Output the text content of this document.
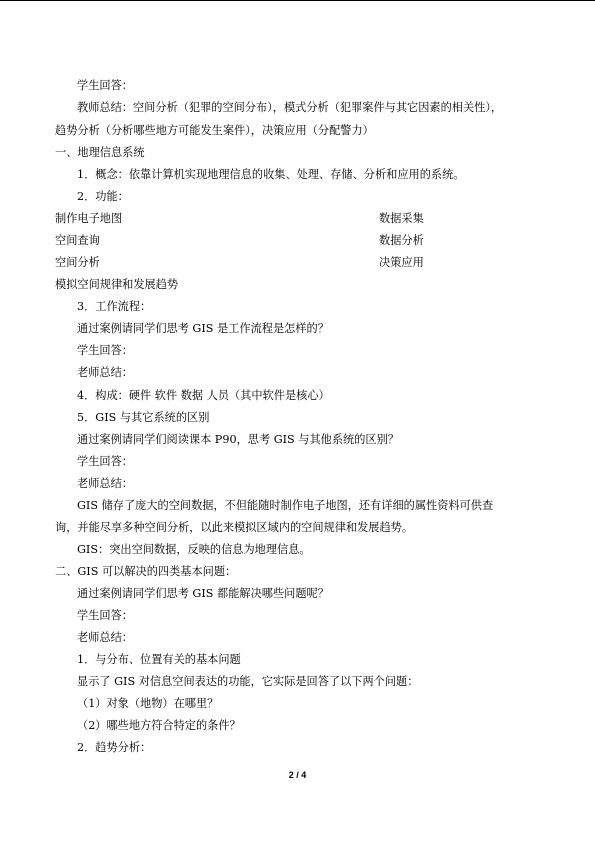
学生回答：
教师总结：空间分析（犯罪的空间分布），模式分析（犯罪案件与其它因素的相关性），
趋势分析（分析哪些地方可能发生案件），决策应用（分配警力）
一、地理信息系统
1．概念：依靠计算机实现地理信息的收集、处理、存储、分析和应用的系统。
2．功能：
制作电子地图	数据采集
空间查询	数据分析
空间分析	决策应用
模拟空间规律和发展趋势
3．工作流程：
通过案例请同学们思考 GIS 是工作流程是怎样的？
学生回答：
老师总结：
4．构成：硬件 软件 数据 人员（其中软件是核心）
5．GIS 与其它系统的区别
通过案例请同学们阅读课本 P90，思考 GIS 与其他系统的区别？
学生回答：
老师总结：
GIS 储存了庞大的空间数据，不但能随时制作电子地图，还有详细的属性资料可供查
询，并能尽享多种空间分析，以此来模拟区域内的空间规律和发展趋势。
GIS：突出空间数据，反映的信息为地理信息。
二、GIS 可以解决的四类基本问题：
通过案例请同学们思考 GIS 都能解决哪些问题呢？
学生回答：
老师总结：
1．与分布、位置有关的基本问题
显示了 GIS 对信息空间表达的功能，它实际是回答了以下两个问题：
（1）对象（地物）在哪里？
（2）哪些地方符合特定的条件？
2．趋势分析：
2 / 4
